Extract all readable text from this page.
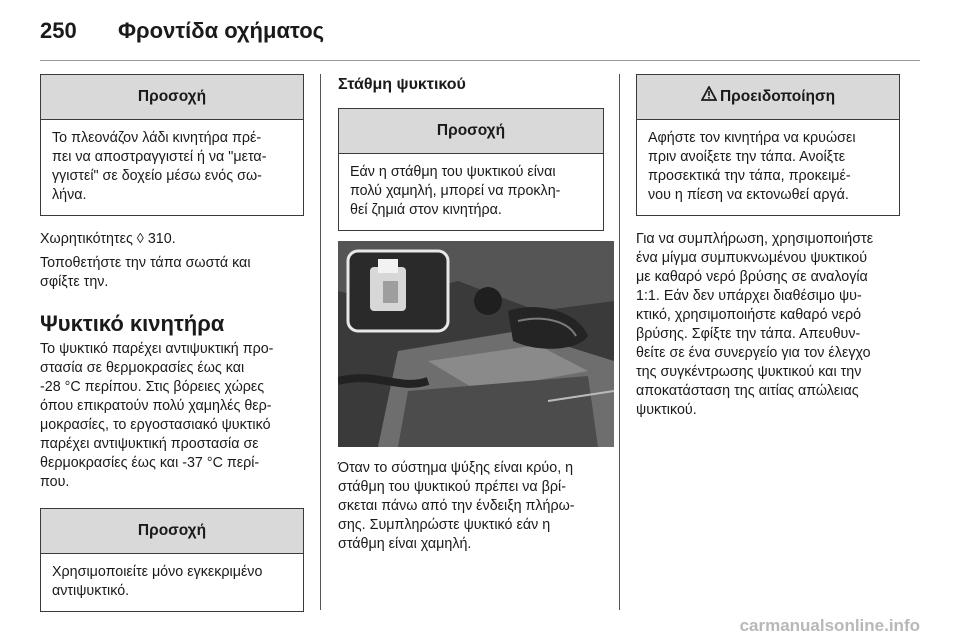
250 Φροντίδα οχήματος
Προσοχή
Το πλεονάζον λάδι κινητήρα πρέ-
πει να αποστραγγιστεί ή να "μετα-
γγιστεί" σε δοχείο μέσω ενός σω-
λήνα.

Χωρητικότητες ◊ 310.

Τοποθετήστε την τάπα σωστά και
σφίξτε την.

Ψυκτικό κινητήρα

Το ψυκτικό παρέχει αντιψυκτική προ-
στασία σε θερμοκρασίες έως και
-28 °C περίπου. Στις βόρειες χώρες
όπου επικρατούν πολύ χαμηλές θερ-
μοκρασίες, το εργοστασιακό ψυκτικό
παρέχει αντιψυκτική προστασία σε
θερμοκρασίες έως και -37 °C περί-
που.

Προσοχή
Χρησιμοποιείτε μόνο εγκεκριμένο
αντιψυκτικό.
Στάθμη ψυκτικού
Προσοχή
Εάν η στάθμη του ψυκτικού είναι
πολύ χαμηλή, μπορεί να προκλη-
θεί ζημιά στον κινητήρα.

Όταν το σύστημα ψύξης είναι κρύο, η
στάθμη του ψυκτικού πρέπει να βρί-
σκεται πάνω από την ένδειξη πλήρω-
σης. Συμπληρώστε ψυκτικό εάν η
στάθμη είναι χαμηλή.

Προειδοποίηση
Αφήστε τον κινητήρα να κρυώσει
πριν ανοίξετε την τάπα. Ανοίξτε
προσεκτικά την τάπα, προκειμέ-
νου η πίεση να εκτονωθεί αργά.

Για να συμπλήρωση, χρησιμοποιήστε
ένα μίγμα συμπυκνωμένου ψυκτικού
με καθαρό νερό βρύσης σε αναλογία
1:1. Εάν δεν υπάρχει διαθέσιμο ψυ-
κτικό, χρησιμοποιήστε καθαρό νερό
βρύσης. Σφίξτε την τάπα. Απευθυν-
θείτε σε ένα συνεργείο για τον έλεγχο
της συγκέντρωσης ψυκτικού και την
αποκατάσταση της αιτίας απώλειας
ψυκτικού.

carmanualsonline.info
